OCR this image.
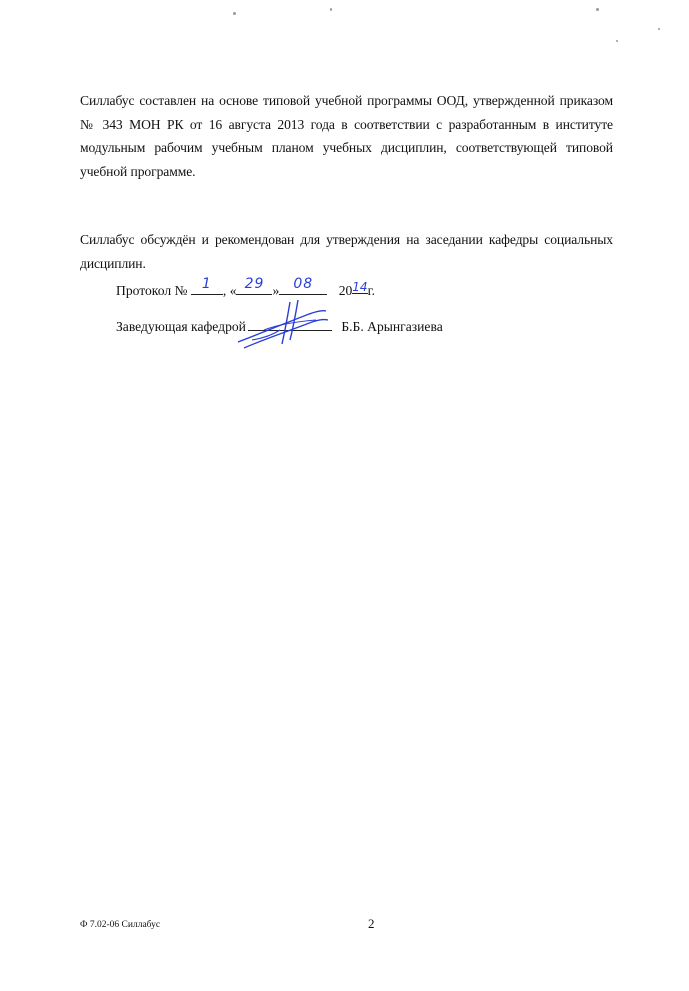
Силлабус составлен на основе типовой учебной программы ООД, утвержденной приказом № 343 МОН РК от 16 августа 2013 года в соответствии с разработанным в институте модульным рабочим учебным планом учебных дисциплин, соответствующей типовой учебной программе.
Силлабус обсуждён и рекомендован для утверждения на заседании кафедры социальных дисциплин.
Протокол №	1 , « 29 »	08	2014г.
Заведующая кафедрой	Б.Б. Арынгазиева
Ф 7.02-06 Силлабус	2
